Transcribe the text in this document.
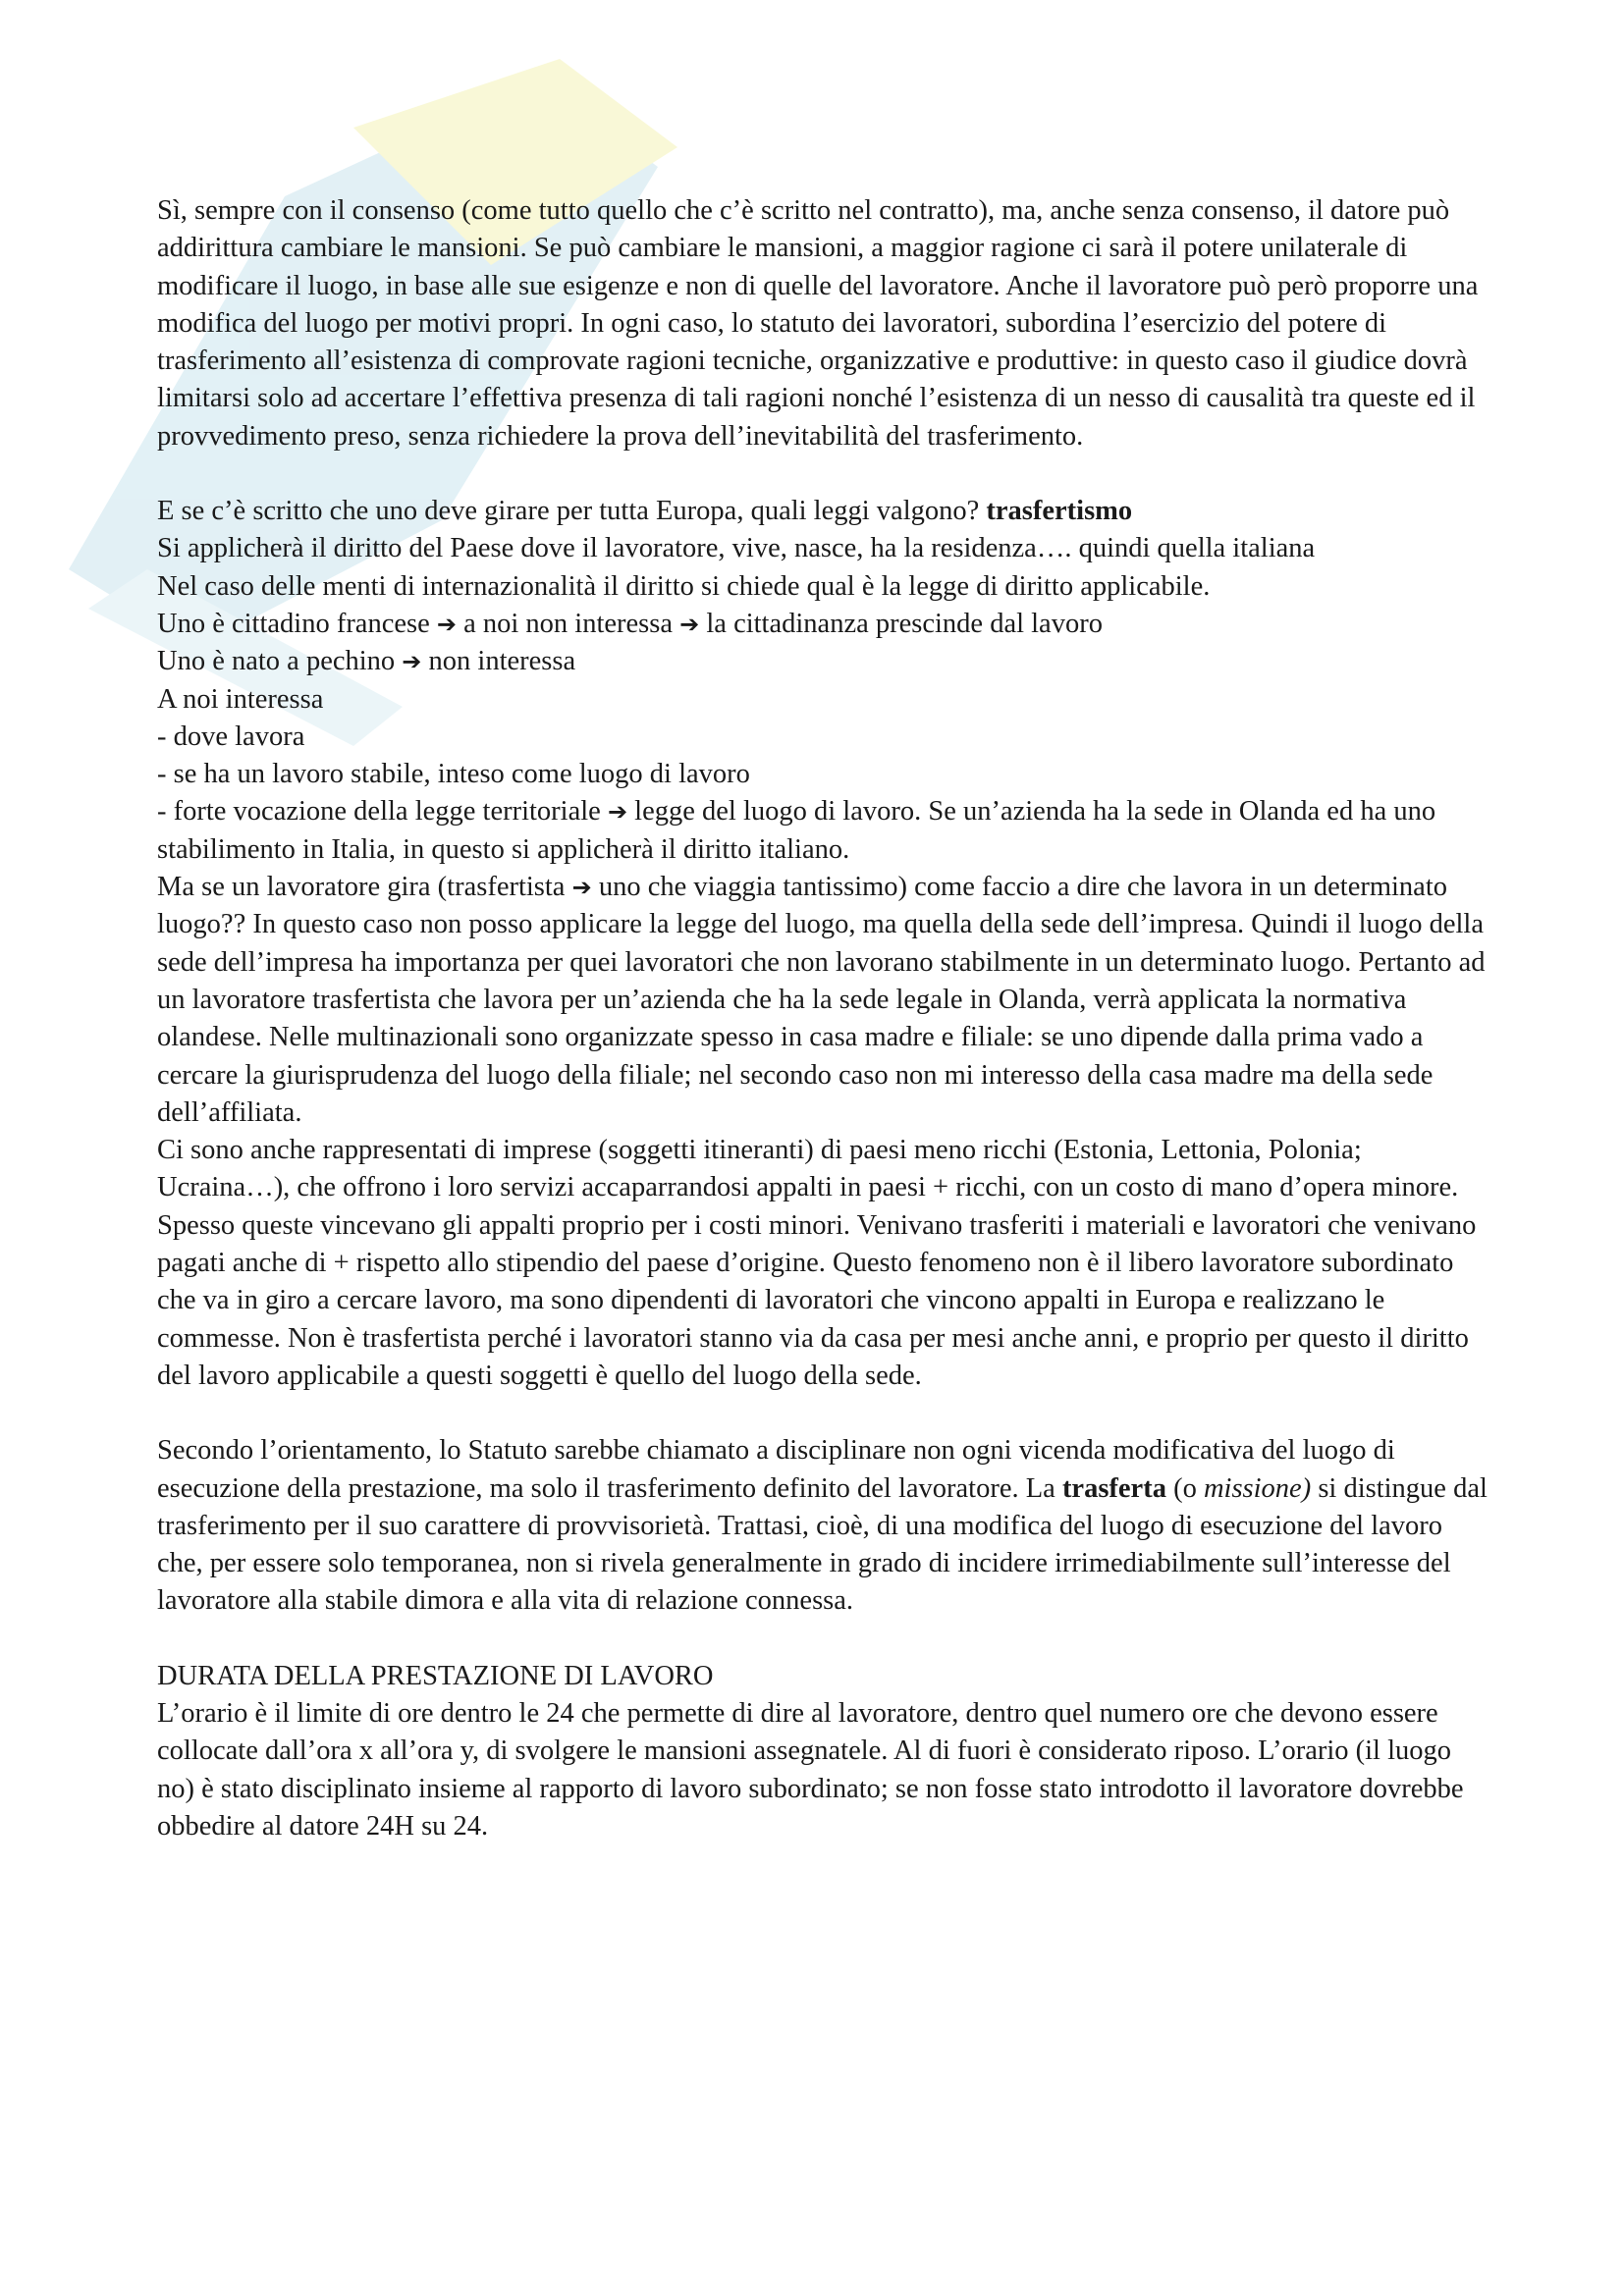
Sì, sempre con il consenso (come tutto quello che c’è scritto nel contratto), ma, anche senza consenso, il datore può addirittura cambiare le mansioni. Se può cambiare le mansioni, a maggior ragione ci sarà il potere unilaterale di modificare il luogo, in base alle sue esigenze e non di quelle del lavoratore. Anche il lavoratore può però proporre una modifica del luogo per motivi propri. In ogni caso, lo statuto dei lavoratori, subordina l’esercizio del potere di trasferimento all’esistenza di comprovate ragioni tecniche, organizzative e produttive: in questo caso il giudice dovrà limitarsi solo ad accertare l’effettiva presenza di tali ragioni nonché l’esistenza di un nesso di causalità tra queste ed il provvedimento preso, senza richiedere la prova dell’inevitabilità del trasferimento.

E se c’è scritto che uno deve girare per tutta Europa, quali leggi valgono? trasfertismo

Si applicherà il diritto del Paese dove il lavoratore, vive, nasce, ha la residenza…. quindi quella italiana

Nel caso delle menti di internazionalità il diritto si chiede qual è la legge di diritto applicabile.

Uno è cittadino francese ➔ a noi non interessa ➔ la cittadinanza prescinde dal lavoro

Uno è nato a pechino ➔ non interessa

A noi interessa

- dove lavora

- se ha un lavoro stabile, inteso come luogo di lavoro

- forte vocazione della legge territoriale ➔ legge del luogo di lavoro. Se un’azienda ha la sede in Olanda ed ha uno stabilimento in Italia, in questo si applicherà il diritto italiano.

Ma se un lavoratore gira (trasfertista ➔ uno che viaggia tantissimo) come faccio a dire che lavora in un determinato luogo?? In questo caso non posso applicare la legge del luogo, ma quella della sede dell’impresa. Quindi il luogo della sede dell’impresa ha importanza per quei lavoratori che non lavorano stabilmente in un determinato luogo. Pertanto ad un lavoratore trasfertista che lavora per un’azienda che ha la sede legale in Olanda, verrà applicata la normativa olandese. Nelle multinazionali sono organizzate spesso in casa madre e filiale: se uno dipende dalla prima vado a cercare la giurisprudenza del luogo della filiale; nel secondo caso non mi interesso della casa madre ma della sede dell’affiliata.

Ci sono anche rappresentati di imprese (soggetti itineranti) di paesi meno ricchi (Estonia, Lettonia, Polonia; Ucraina…), che offrono i loro servizi accaparrandosi appalti in paesi + ricchi, con un costo di mano d’opera minore. Spesso queste vincevano gli appalti proprio per i costi minori. Venivano trasferiti i materiali e lavoratori che venivano pagati anche di + rispetto allo stipendio del paese d’origine. Questo fenomeno non è il libero lavoratore subordinato che va in giro a cercare lavoro, ma sono dipendenti di lavoratori che vincono appalti in Europa e realizzano le commesse. Non è trasfertista perché i lavoratori stanno via da casa per mesi anche anni, e proprio per questo il diritto del lavoro applicabile a questi soggetti è quello del luogo della sede.

Secondo l’orientamento, lo Statuto sarebbe chiamato a disciplinare non ogni vicenda modificativa del luogo di esecuzione della prestazione, ma solo il trasferimento definito del lavoratore. La trasferta (o missione) si distingue dal trasferimento per il suo carattere di provvisorietà. Trattasi, cioè, di una modifica del luogo di esecuzione del lavoro che, per essere solo temporanea, non si rivela generalmente in grado di incidere irrimediabilmente sull’interesse del lavoratore alla stabile dimora e alla vita di relazione connessa.

DURATA DELLA PRESTAZIONE DI LAVORO

L’orario è il limite di ore dentro le 24 che permette di dire al lavoratore, dentro quel numero ore che devono essere collocate dall’ora x all’ora y, di svolgere le mansioni assegnatele. Al di fuori è considerato riposo. L’orario (il luogo no) è stato disciplinato insieme al rapporto di lavoro subordinato; se non fosse stato introdotto il lavoratore dovrebbe obbedire al datore 24H su 24.
